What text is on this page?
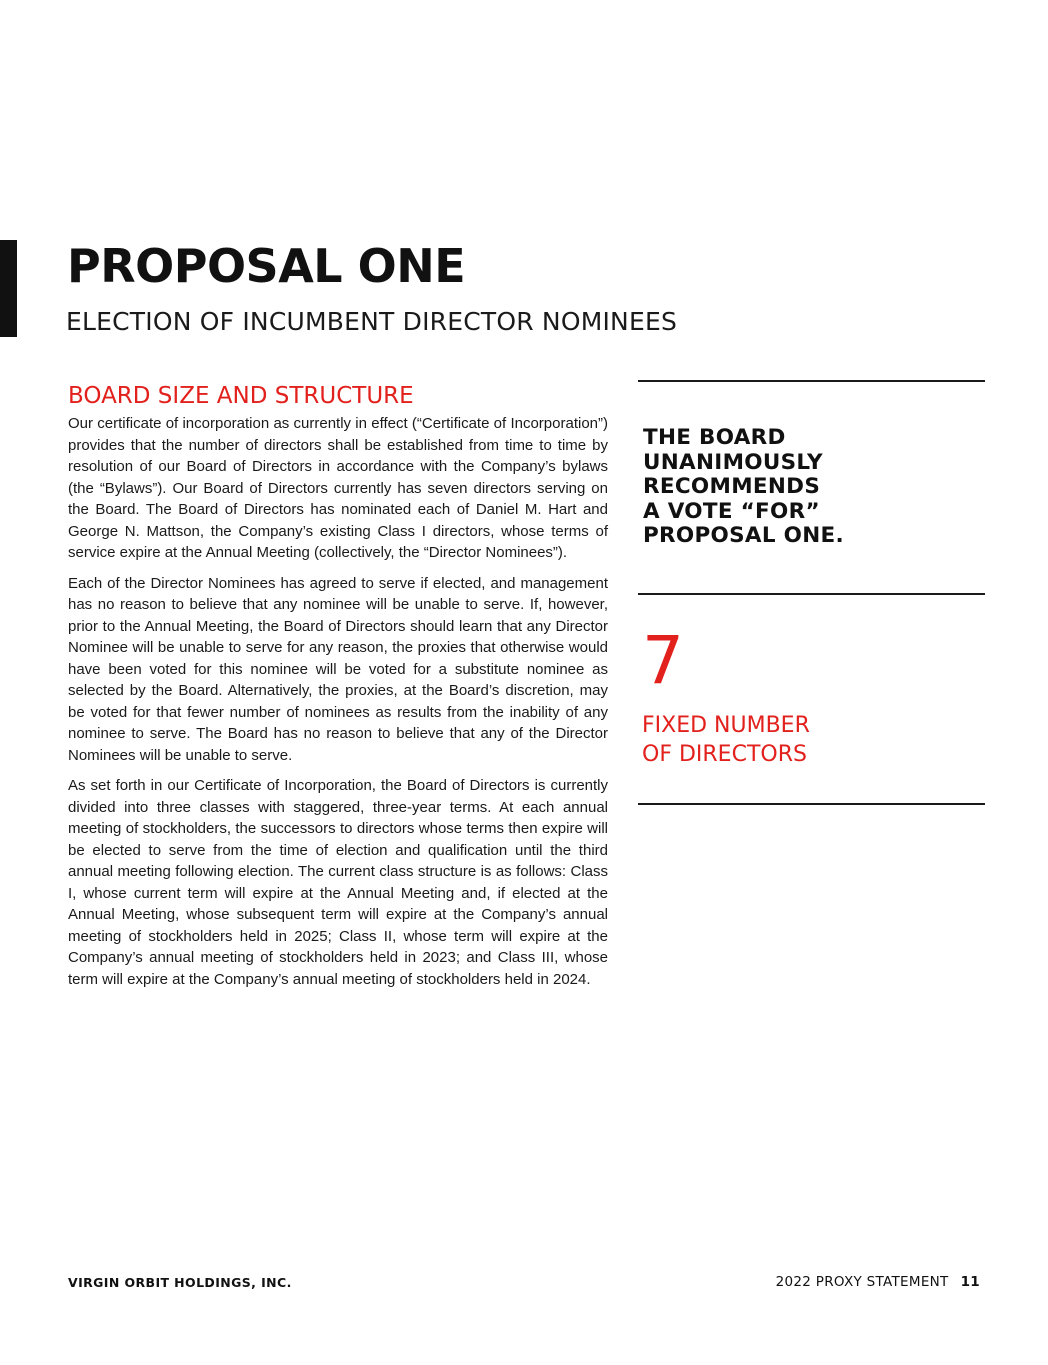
PROPOSAL ONE
ELECTION OF INCUMBENT DIRECTOR NOMINEES
BOARD SIZE AND STRUCTURE

Our certificate of incorporation as currently in effect (“Certificate of Incorporation”) provides that the number of directors shall be established from time to time by resolution of our Board of Directors in accordance with the Company’s bylaws (the “Bylaws”). Our Board of Directors currently has seven directors serving on the Board. The Board of Directors has nominated each of Daniel M. Hart and George N. Mattson, the Company’s existing Class I directors, whose terms of service expire at the Annual Meeting (collectively, the “Director Nominees”).

Each of the Director Nominees has agreed to serve if elected, and management has no reason to believe that any nominee will be unable to serve. If, however, prior to the Annual Meeting, the Board of Directors should learn that any Director Nominee will be unable to serve for any reason, the proxies that otherwise would have been voted for this nominee will be voted for a substitute nominee as selected by the Board. Alternatively, the proxies, at the Board’s discretion, may be voted for that fewer number of nominees as results from the inability of any nominee to serve. The Board has no reason to believe that any of the Director Nominees will be unable to serve.

As set forth in our Certificate of Incorporation, the Board of Directors is currently divided into three classes with staggered, three-year terms. At each annual meeting of stockholders, the successors to directors whose terms then expire will be elected to serve from the time of election and qualification until the third annual meeting following election. The current class structure is as follows: Class I, whose current term will expire at the Annual Meeting and, if elected at the Annual Meeting, whose subsequent term will expire at the Company’s annual meeting of stockholders held in 2025; Class II, whose term will expire at the Company’s annual meeting of stockholders held in 2023; and Class III, whose term will expire at the Company’s annual meeting of stockholders held in 2024.

THE BOARD
UNANIMOUSLY
RECOMMENDS
A VOTE “FOR”
PROPOSAL ONE.
7
FIXED NUMBER
OF DIRECTORS
VIRGIN ORBIT HOLDINGS, INC.	2022 PROXY STATEMENT 11
